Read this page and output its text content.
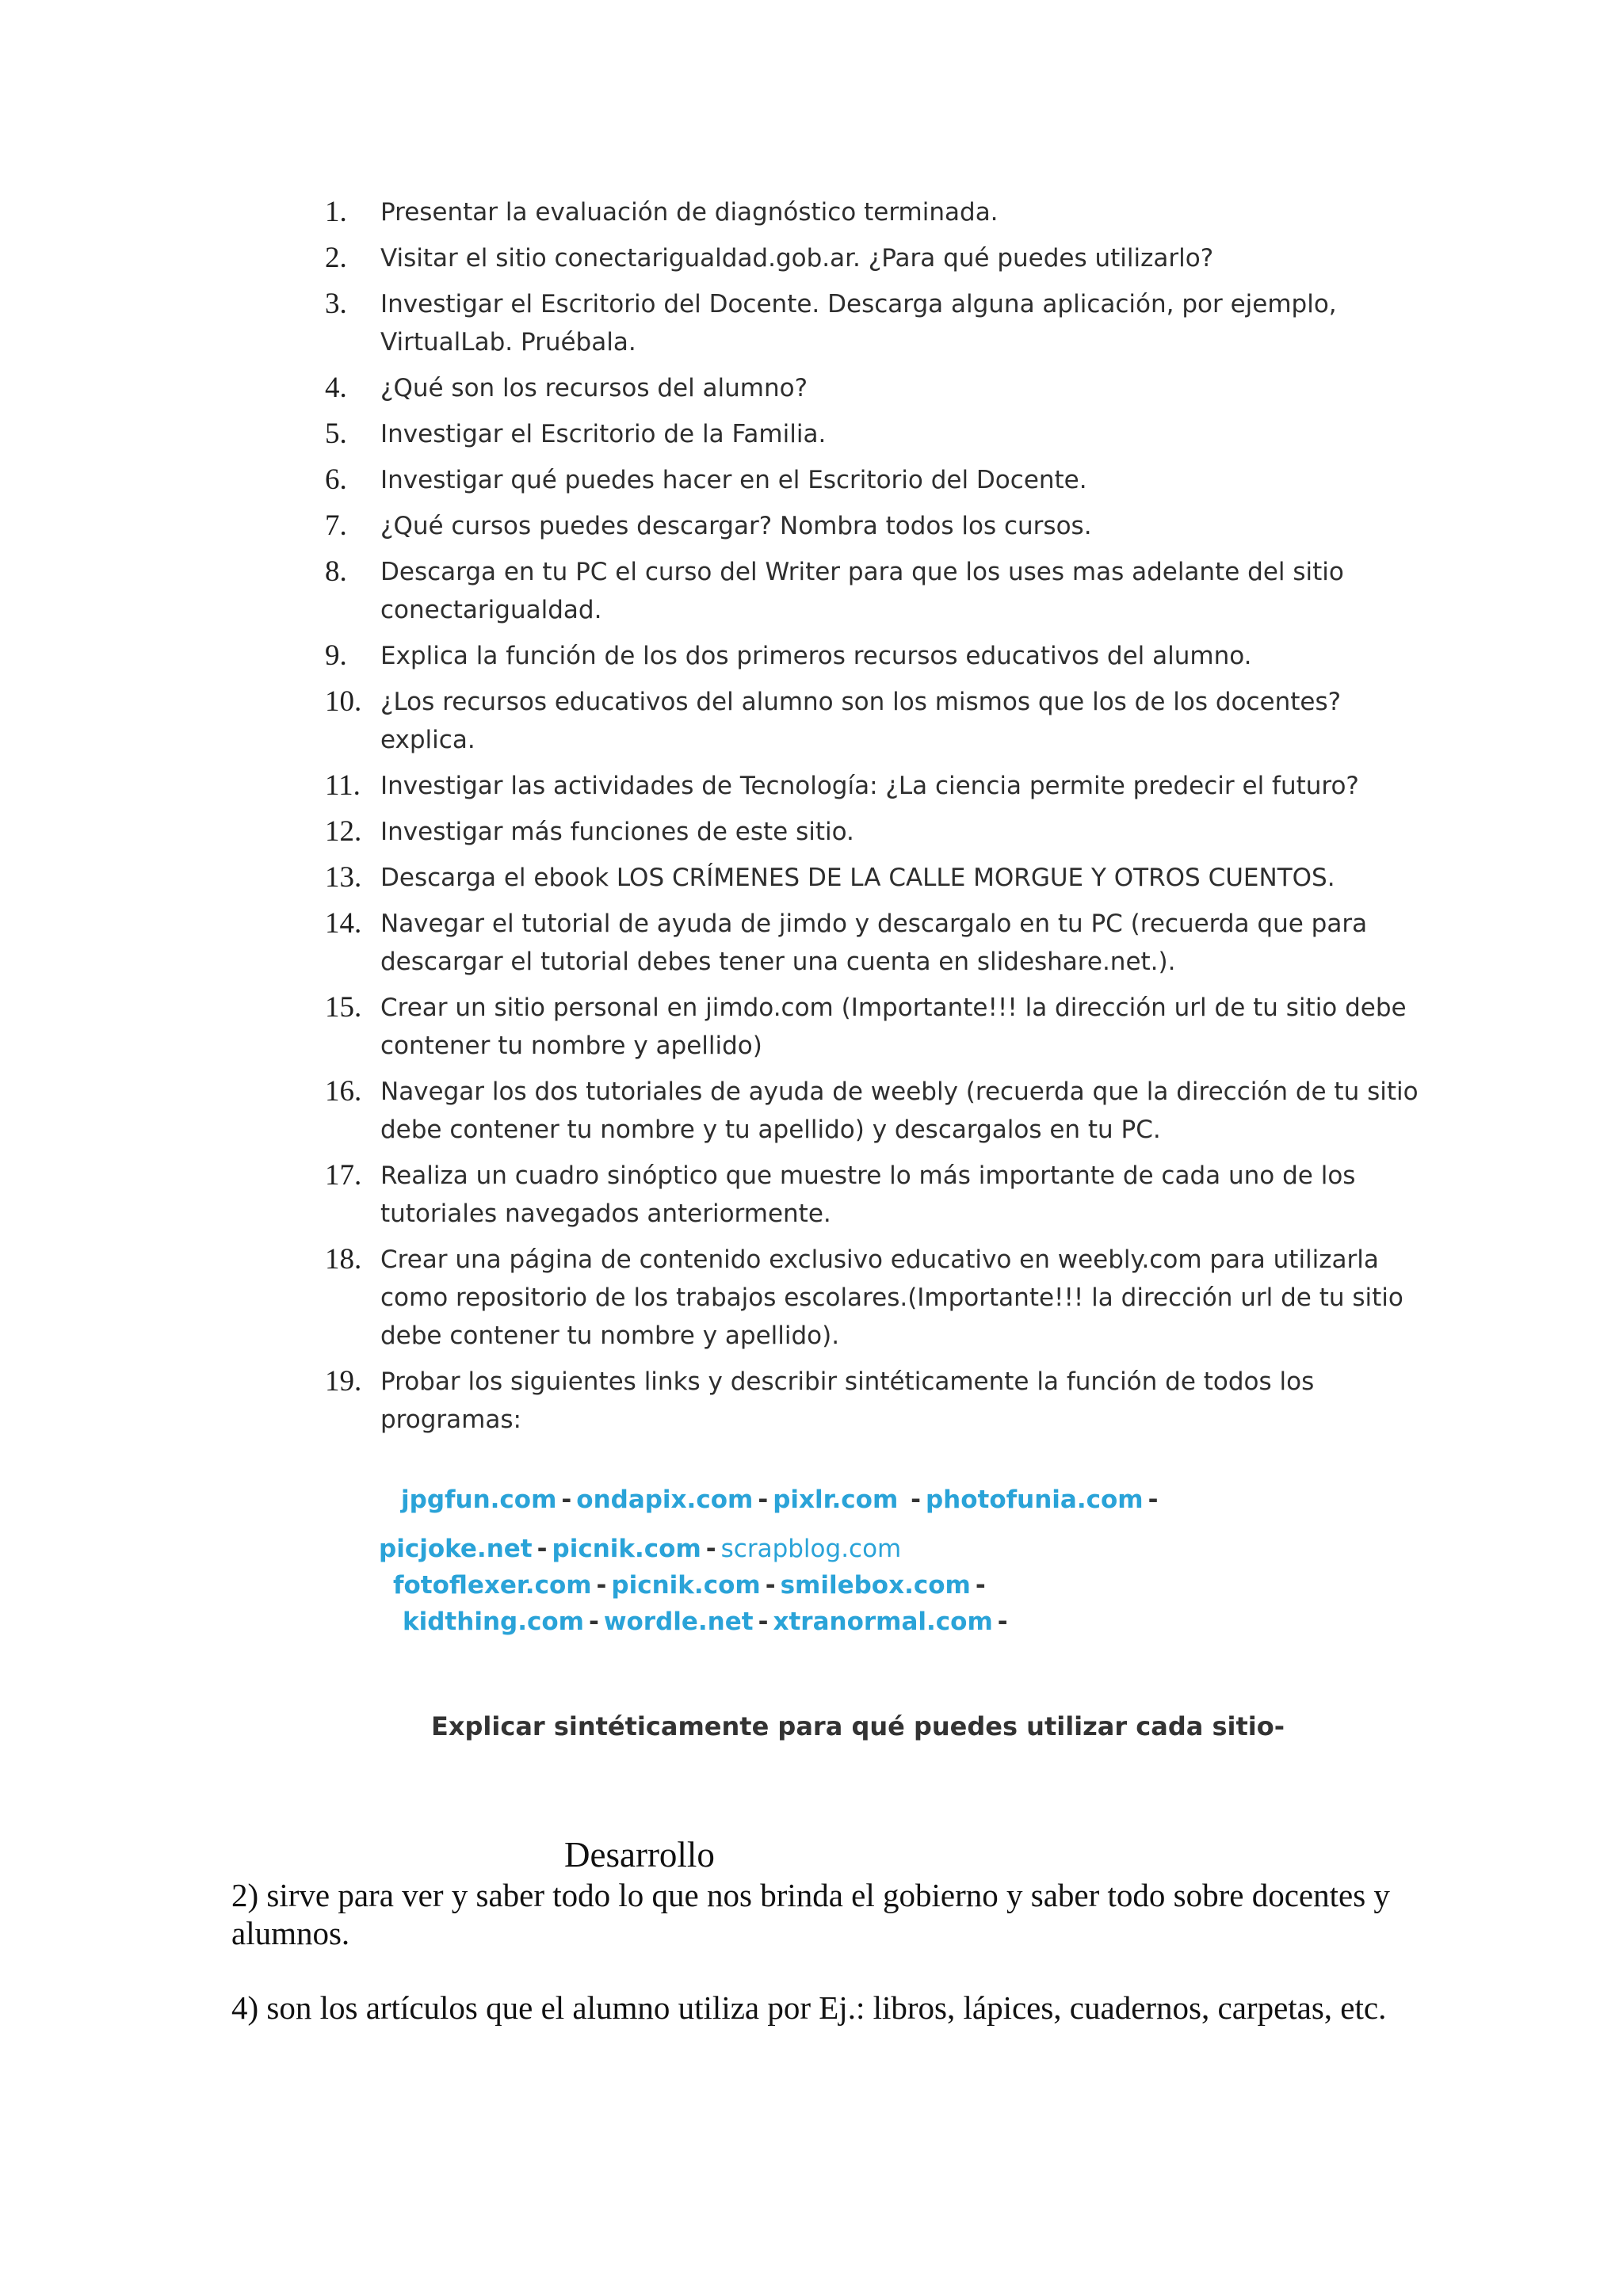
1. Presentar la evaluación de diagnóstico terminada.
2. Visitar el sitio conectarigualdad.gob.ar. ¿Para qué puedes utilizarlo?
3. Investigar el Escritorio del Docente. Descarga alguna aplicación, por ejemplo, VirtualLab. Pruébala.
4. ¿Qué son los recursos del alumno?
5. Investigar el Escritorio de la Familia.
6. Investigar qué puedes hacer en el Escritorio del Docente.
7. ¿Qué cursos puedes descargar? Nombra todos los cursos.
8. Descarga en tu PC el curso del Writer para que los uses mas adelante del sitio conectarigualdad.
9. Explica la función de los dos primeros recursos educativos del alumno.
10. ¿Los recursos educativos del alumno son los mismos que los de los docentes? explica.
11. Investigar las actividades de Tecnología: ¿La ciencia permite predecir el futuro?
12. Investigar más funciones de este sitio.
13. Descarga el ebook LOS CRÍMENES DE LA CALLE MORGUE Y OTROS CUENTOS.
14. Navegar el tutorial de ayuda de jimdo y descargalo en tu PC (recuerda que para descargar el tutorial debes tener una cuenta en slideshare.net.).
15. Crear un sitio personal en jimdo.com (Importante!!! la dirección url de tu sitio debe contener tu nombre y apellido)
16. Navegar los dos tutoriales de ayuda de weebly (recuerda que la dirección de tu sitio debe contener tu nombre y tu apellido) y descargalos en tu PC.
17. Realiza un cuadro sinóptico que muestre lo más importante de cada uno de los tutoriales navegados anteriormente.
18. Crear una página de contenido exclusivo educativo en weebly.com para utilizarla como repositorio de los trabajos escolares.(Importante!!! la dirección url de tu sitio debe contener tu nombre y apellido).
19. Probar los siguientes links y describir sintéticamente la función de todos los programas:
jpgfun.com - ondapix.com - pixlr.com - photofunia.com -
picjoke.net - picnik.com - scrapblog.com
fotoflexer.com - picnik.com - smilebox.com -
kidthing.com - wordle.net - xtranormal.com -
Explicar sintéticamente para qué puedes utilizar cada sitio-
Desarrollo

2) sirve para ver y saber todo lo que nos brinda el gobierno y saber todo sobre docentes y alumnos.

4) son los artículos que el alumno utiliza por Ej.: libros, lápices, cuadernos, carpetas, etc.
